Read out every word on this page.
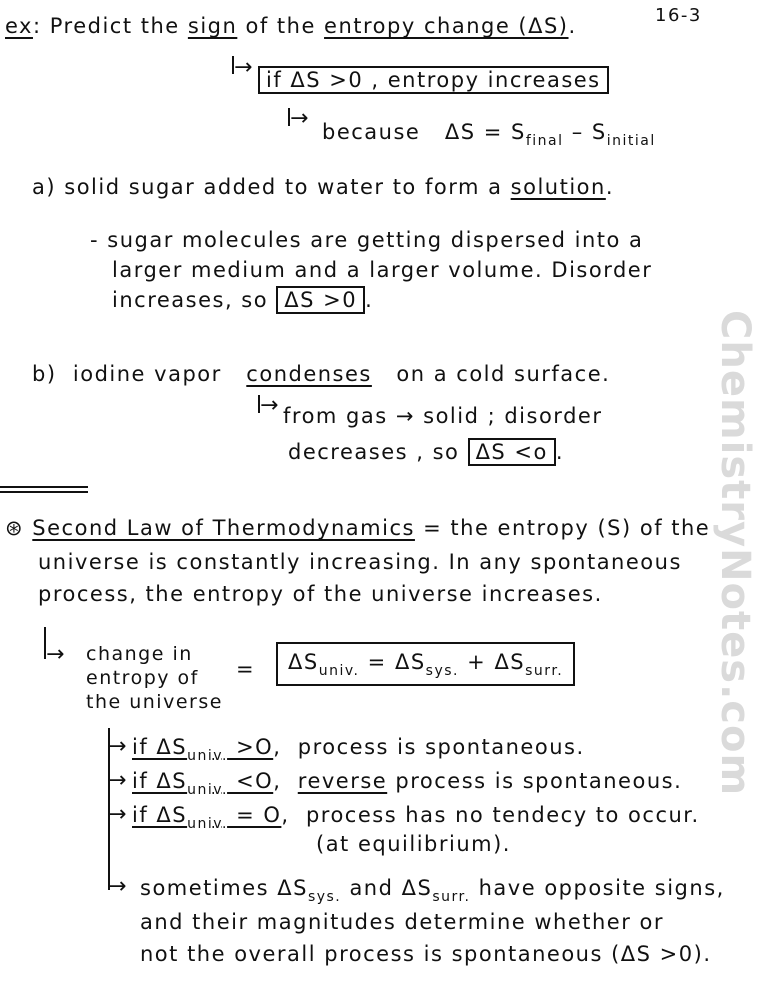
ChemistryNotes.com
16-3
ex: Predict the sign of the entropy change (ΔS).
→ if ΔS >0 , entropy increases
→
because $\Delta S = S_{final} - S_{initial}$
a) solid sugar added to water to form a solution.
- sugar molecules are getting dispersed into a
larger medium and a larger volume. Disorder
increases, so ΔS >0 .
b) iodine vapor condenses on a cold surface.
→ from gas → solid ; disorder
decreases , so ΔS <o .
⊛ Second Law of Thermodynamics = the entropy (S) of the
universe is constantly increasing. In any spontaneous
process, the entropy of the universe increases.
→ change in
entropy of
the universe
=	$\Delta S_{univ.} = \Delta S_{sys.} + \Delta S_{surr.}$
→ if $\Delta S_{univ.} >O$, process is spontaneous.
→ if $\Delta S_{univ.} <O$, reverse process is spontaneous.
→ if $\Delta S_{univ.} = O$, process has no tendecy to occur.
(at equilibrium).
→ sometimes $\Delta S_{sys.}$ and $\Delta S_{surr.}$ have opposite signs,
and their magnitudes determine whether or
not the overall process is spontaneous (ΔS >0).
